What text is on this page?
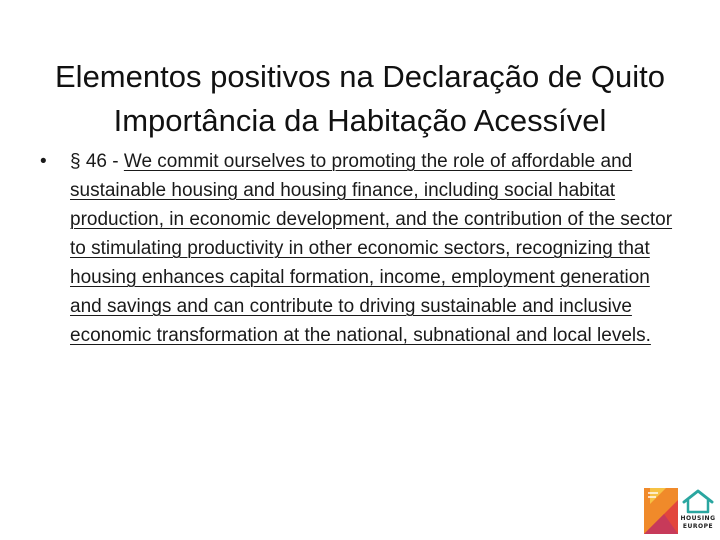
Elementos positivos na Declaração de Quito
Importância da Habitação Acessível
•	§ 46 - We commit ourselves to promoting the role of affordable and sustainable housing and housing finance, including social habitat production, in economic development, and the contribution of the sector to stimulating productivity in other economic sectors, recognizing that housing enhances capital formation, income, employment generation and savings and can contribute to driving sustainable and inclusive economic transformation at the national, subnational and local levels.

HOUSING
EUROPE
